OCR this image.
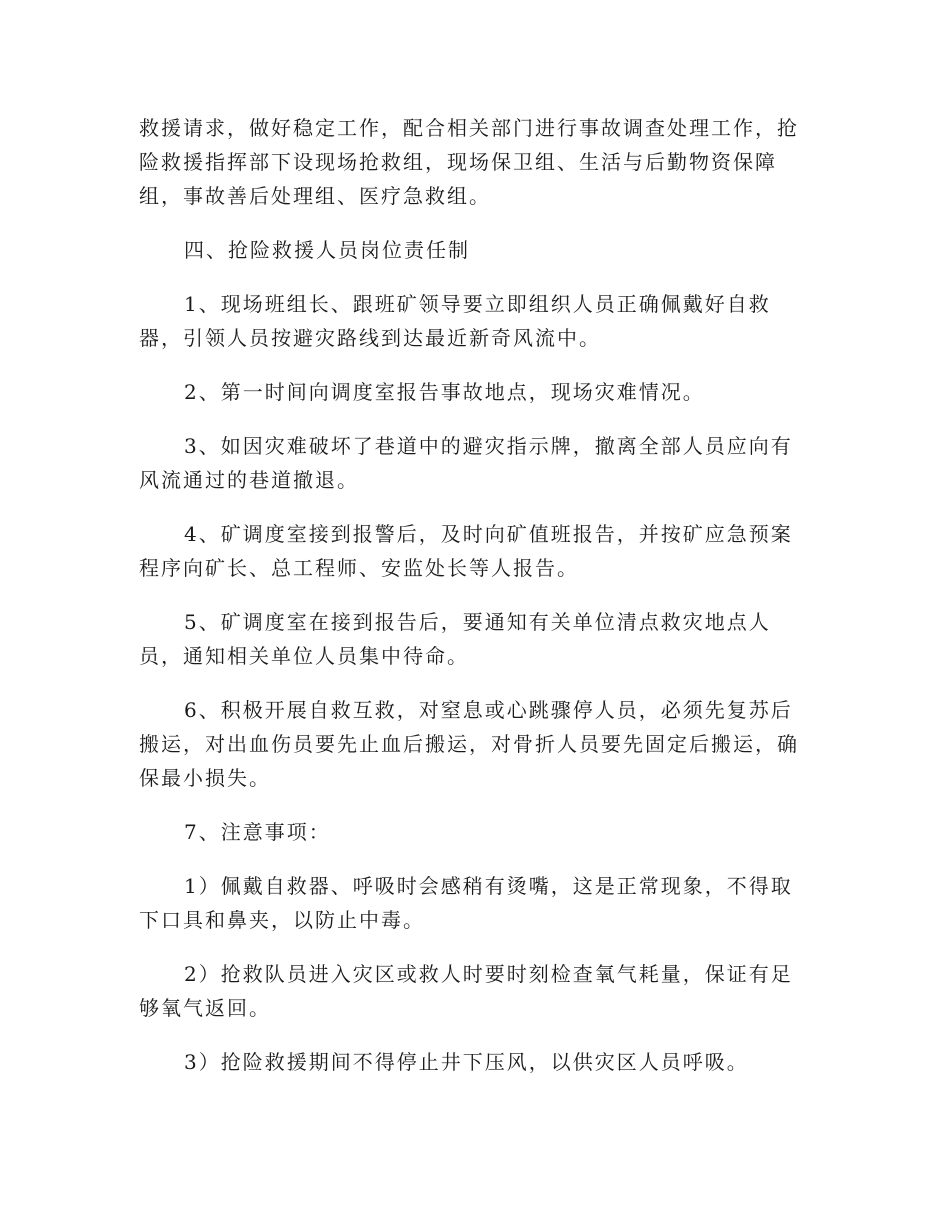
救援请求，做好稳定工作，配合相关部门进行事故调查处理工作，抢险救援指挥部下设现场抢救组，现场保卫组、生活与后勤物资保障组，事故善后处理组、医疗急救组。

四、抢险救援人员岗位责任制

1、现场班组长、跟班矿领导要立即组织人员正确佩戴好自救器，引领人员按避灾路线到达最近新奇风流中。

2、第一时间向调度室报告事故地点，现场灾难情况。

3、如因灾难破坏了巷道中的避灾指示牌，撤离全部人员应向有风流通过的巷道撤退。

4、矿调度室接到报警后，及时向矿值班报告，并按矿应急预案程序向矿长、总工程师、安监处长等人报告。

5、矿调度室在接到报告后，要通知有关单位清点救灾地点人员，通知相关单位人员集中待命。

6、积极开展自救互救，对窒息或心跳骤停人员，必须先复苏后搬运，对出血伤员要先止血后搬运，对骨折人员要先固定后搬运，确保最小损失。

7、注意事项：

1）佩戴自救器、呼吸时会感稍有烫嘴，这是正常现象，不得取下口具和鼻夹，以防止中毒。

2）抢救队员进入灾区或救人时要时刻检查氧气耗量，保证有足够氧气返回。

3）抢险救援期间不得停止井下压风，以供灾区人员呼吸。
